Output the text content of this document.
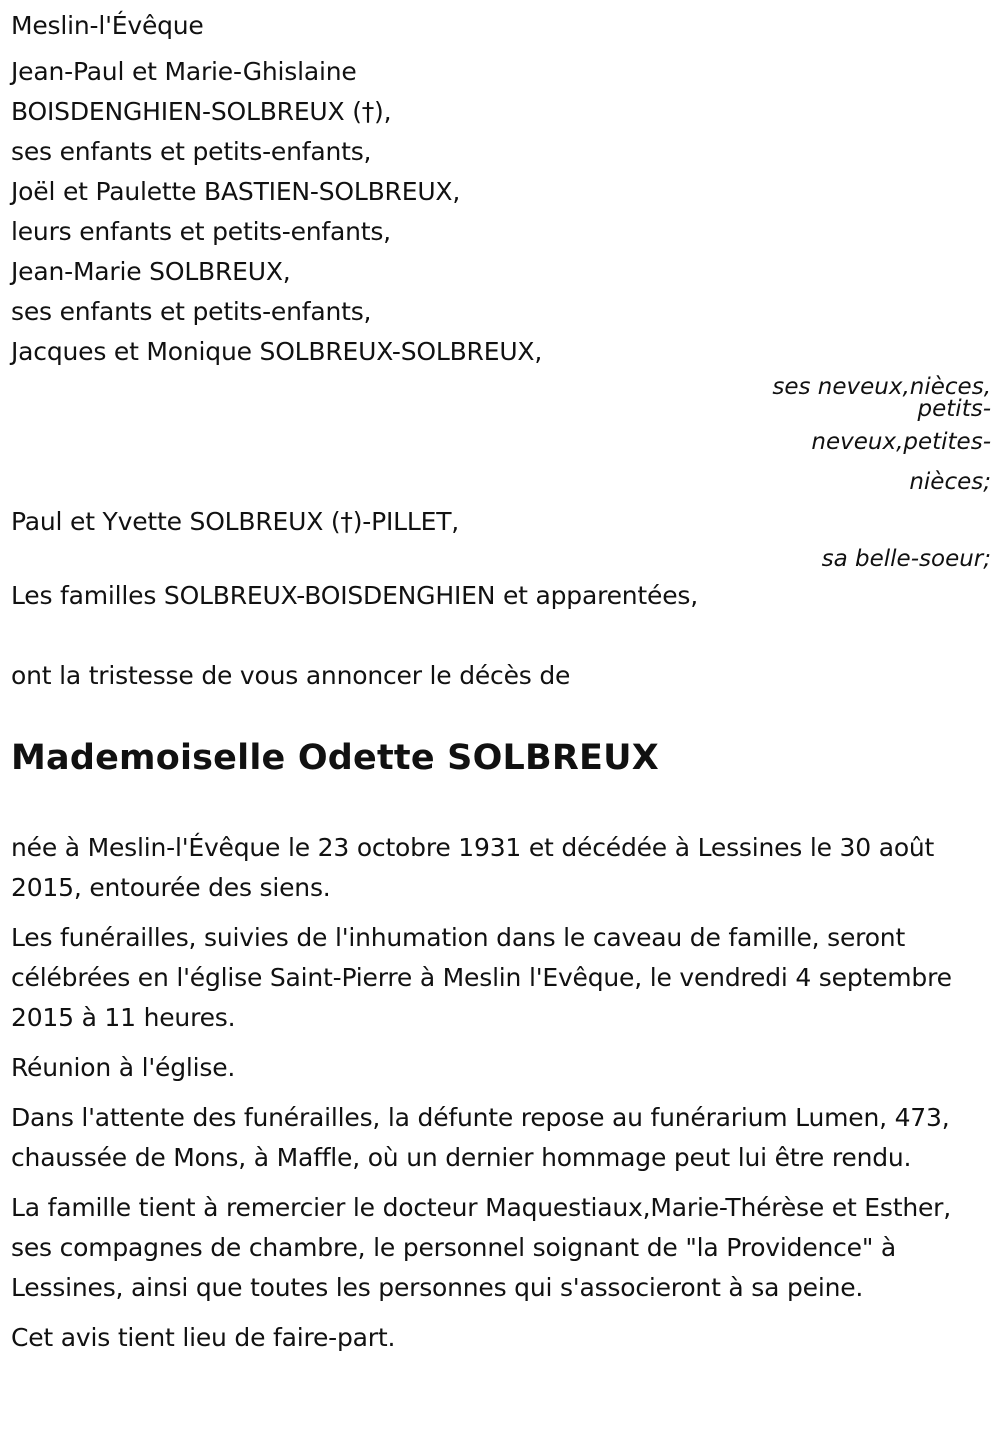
Meslin-l'Évêque
Jean-Paul et Marie-Ghislaine
BOISDENGHIEN-SOLBREUX (†),
ses enfants et petits-enfants,
Joël et Paulette BASTIEN-SOLBREUX,
leurs enfants et petits-enfants,
Jean-Marie SOLBREUX,
ses enfants et petits-enfants,
Jacques et Monique SOLBREUX-SOLBREUX,
ses neveux,nièces,
petits-
neveux,petites-
nièces;
Paul et Yvette SOLBREUX (†)-PILLET,
sa belle-soeur;
Les familles SOLBREUX-BOISDENGHIEN et apparentées,
ont la tristesse de vous annoncer le décès de
Mademoiselle Odette SOLBREUX
née à Meslin-l'Évêque le 23 octobre 1931 et décédée à Lessines le 30 août 2015, entourée des siens.
Les funérailles, suivies de l'inhumation dans le caveau de famille, seront célébrées en l'église Saint-Pierre à Meslin l'Evêque, le vendredi 4 septembre 2015 à 11 heures.
Réunion à l'église.
Dans l'attente des funérailles, la défunte repose au funérarium Lumen, 473, chaussée de Mons, à Maffle, où un dernier hommage peut lui être rendu.
La famille tient à remercier le docteur Maquestiaux,Marie-Thérèse et Esther, ses compagnes de chambre, le personnel soignant de "la Providence" à Lessines, ainsi que toutes les personnes qui s'associeront à sa peine.
Cet avis tient lieu de faire-part.
